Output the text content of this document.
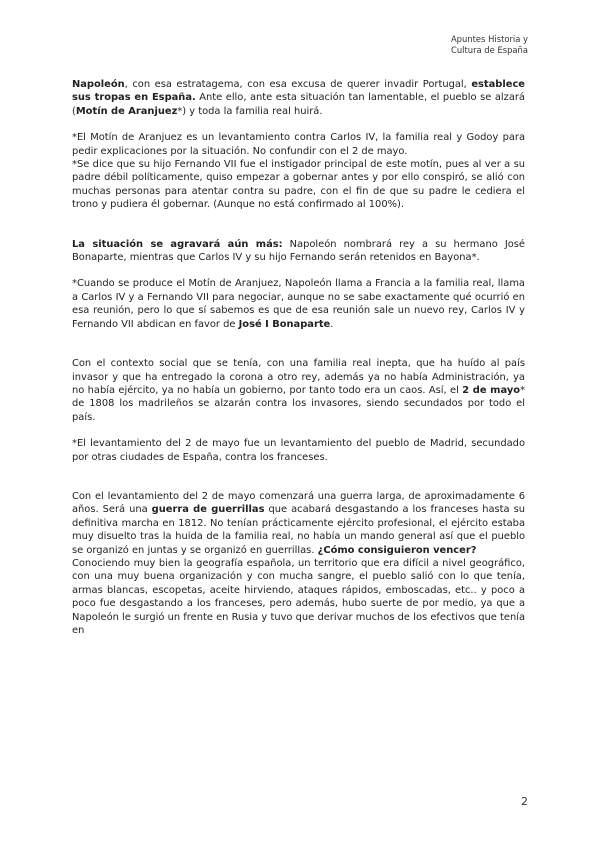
Apuntes Historia y
Cultura de España

Napoleón, con esa estratagema, con esa excusa de querer invadir Portugal, establece sus tropas en España. Ante ello, ante esta situación tan lamentable, el pueblo se alzará (Motín de Aranjuez*) y toda la familia real huirá.

*El Motín de Aranjuez es un levantamiento contra Carlos IV, la familia real y Godoy para pedir explicaciones por la situación. No confundir con el 2 de mayo.

*Se dice que su hijo Fernando VII fue el instigador principal de este motín, pues al ver a su padre débil políticamente, quiso empezar a gobernar antes y por ello conspiró, se alió con muchas personas para atentar contra su padre, con el fin de que su padre le cediera el trono y pudiera él gobernar. (Aunque no está confirmado al 100%).

La situación se agravará aún más: Napoleón nombrará rey a su hermano José Bonaparte, mientras que Carlos IV y su hijo Fernando serán retenidos en Bayona*.

*Cuando se produce el Motín de Aranjuez, Napoleón llama a Francia a la familia real, llama a Carlos IV y a Fernando VII para negociar, aunque no se sabe exactamente qué ocurrió en esa reunión, pero lo que sí sabemos es que de esa reunión sale un nuevo rey, Carlos IV y Fernando VII abdican en favor de José I Bonaparte.

Con el contexto social que se tenía, con una familia real inepta, que ha huído al país invasor y que ha entregado la corona a otro rey, además ya no había Administración, ya no había ejército, ya no había un gobierno, por tanto todo era un caos. Así, el 2 de mayo* de 1808 los madrileños se alzarán contra los invasores, siendo secundados por todo el país.

*El levantamiento del 2 de mayo fue un levantamiento del pueblo de Madrid, secundado por otras ciudades de España, contra los franceses.

Con el levantamiento del 2 de mayo comenzará una guerra larga, de aproximadamente 6 años. Será una guerra de guerrillas que acabará desgastando a los franceses hasta su definitiva marcha en 1812. No tenían prácticamente ejército profesional, el ejército estaba muy disuelto tras la huida de la familia real, no había un mando general así que el pueblo se organizó en juntas y se organizó en guerrillas. ¿Cómo consiguieron vencer?

Conociendo muy bien la geografía española, un territorio que era difícil a nivel geográfico, con una muy buena organización y con mucha sangre, el pueblo salió con lo que tenía, armas blancas, escopetas, aceite hirviendo, ataques rápidos, emboscadas, etc.. y poco a poco fue desgastando a los franceses, pero además, hubo suerte de por medio, ya que a Napoleón le surgió un frente en Rusia y tuvo que derivar muchos de los efectivos que tenía en

2
